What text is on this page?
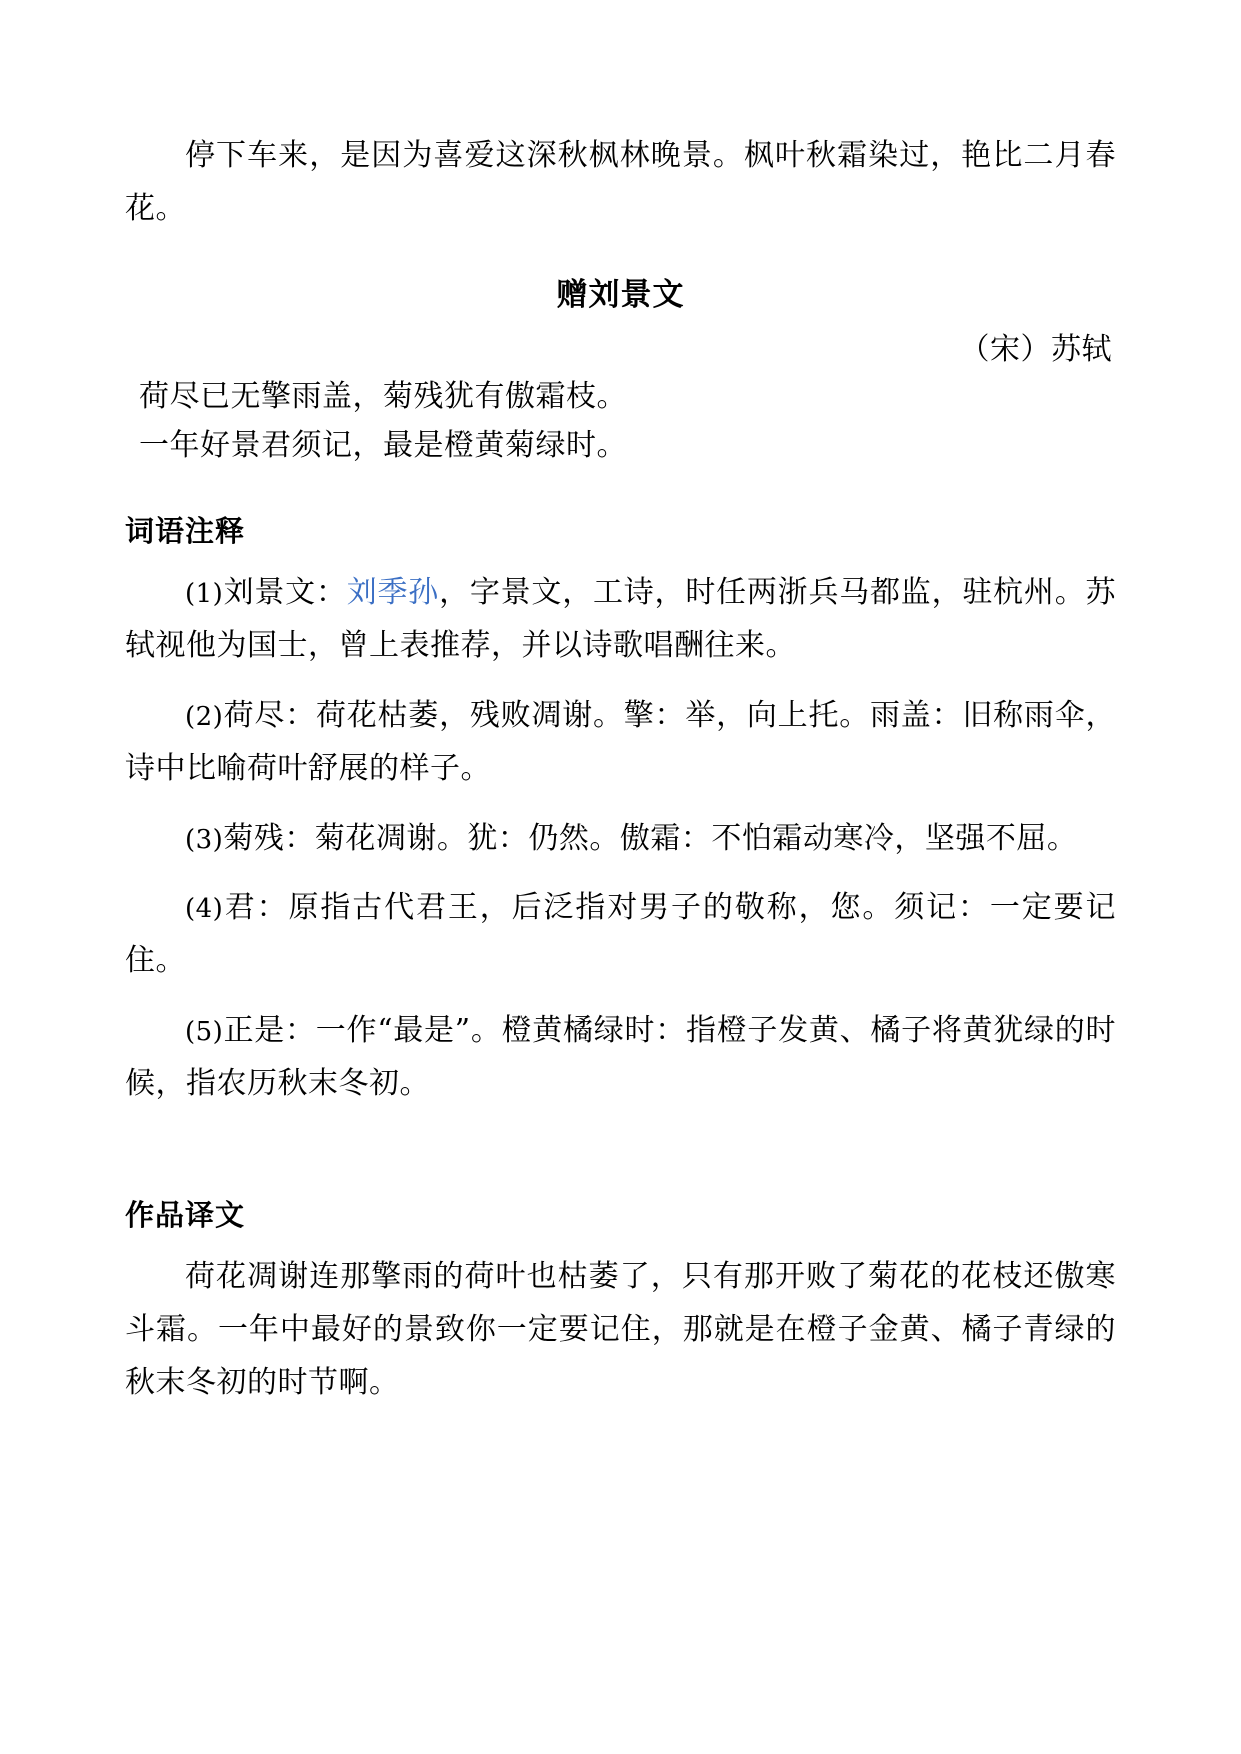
停下车来，是因为喜爱这深秋枫林晚景。枫叶秋霜染过，艳比二月春花。

赠刘景文
（宋）苏轼

荷尽已无擎雨盖，菊残犹有傲霜枝。

一年好景君须记，最是橙黄菊绿时。

词语注释

(1)刘景文：刘季孙，字景文，工诗，时任两浙兵马都监，驻杭州。苏轼视他为国士，曾上表推荐，并以诗歌唱酬往来。

(2)荷尽：荷花枯萎，残败凋谢。擎：举，向上托。雨盖：旧称雨伞，诗中比喻荷叶舒展的样子。

(3)菊残：菊花凋谢。犹：仍然。傲霜：不怕霜动寒冷，坚强不屈。

(4)君：原指古代君王，后泛指对男子的敬称，您。须记：一定要记住。

(5)正是：一作“最是”。橙黄橘绿时：指橙子发黄、橘子将黄犹绿的时候，指农历秋末冬初。

作品译文

荷花凋谢连那擎雨的荷叶也枯萎了，只有那开败了菊花的花枝还傲寒斗霜。一年中最好的景致你一定要记住，那就是在橙子金黄、橘子青绿的秋末冬初的时节啊。
